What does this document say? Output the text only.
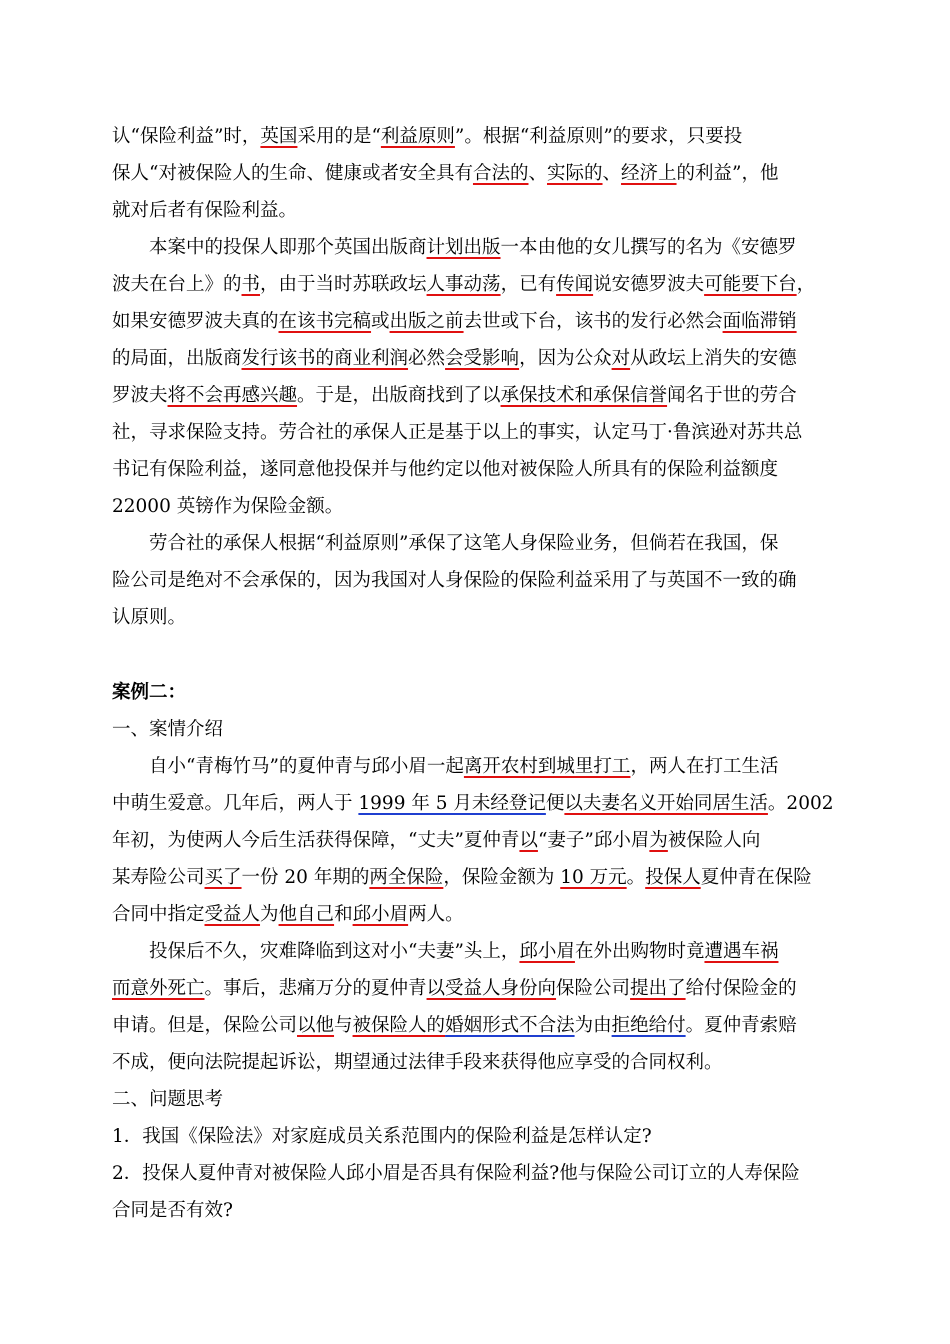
认“保险利益”时，英国采用的是“利益原则”。根据“利益原则”的要求，只要投
保人“对被保险人的生命、健康或者安全具有合法的、实际的、经济上的利益”，他
就对后者有保险利益。
本案中的投保人即那个英国出版商计划出版一本由他的女儿撰写的名为《安德罗
波夫在台上》的书，由于当时苏联政坛人事动荡，已有传闻说安德罗波夫可能要下台，
如果安德罗波夫真的在该书完稿或出版之前去世或下台，该书的发行必然会面临滞销
的局面，出版商发行该书的商业利润必然会受影响，因为公众对从政坛上消失的安德
罗波夫将不会再感兴趣。于是，出版商找到了以承保技术和承保信誉闻名于世的劳合
社，寻求保险支持。劳合社的承保人正是基于以上的事实，认定马丁·鲁滨逊对苏共总
书记有保险利益，遂同意他投保并与他约定以他对被保险人所具有的保险利益额度
22000 英镑作为保险金额。
劳合社的承保人根据“利益原则”承保了这笔人身保险业务，但倘若在我国，保
险公司是绝对不会承保的，因为我国对人身保险的保险利益采用了与英国不一致的确
认原则。

案例二：

一、案情介绍

自小“青梅竹马”的夏仲青与邱小眉一起离开农村到城里打工，两人在打工生活
中萌生爱意。几年后，两人于 1999 年 5 月未经登记便以夫妻名义开始同居生活。2002
年初，为使两人今后生活获得保障，“丈夫”夏仲青以“妻子”邱小眉为被保险人向
某寿险公司买了一份 20 年期的两全保险，保险金额为 10 万元。投保人夏仲青在保险
合同中指定受益人为他自己和邱小眉两人。
投保后不久，灾难降临到这对小“夫妻”头上，邱小眉在外出购物时竟遭遇车祸
而意外死亡。事后，悲痛万分的夏仲青以受益人身份向保险公司提出了给付保险金的
申请。但是，保险公司以他与被保险人的婚姻形式不合法为由拒绝给付。夏仲青索赔
不成，便向法院提起诉讼，期望通过法律手段来获得他应享受的合同权利。

二、问题思考

1．我国《保险法》对家庭成员关系范围内的保险利益是怎样认定?

2．投保人夏仲青对被保险人邱小眉是否具有保险利益?他与保险公司订立的人寿保险
合同是否有效?
